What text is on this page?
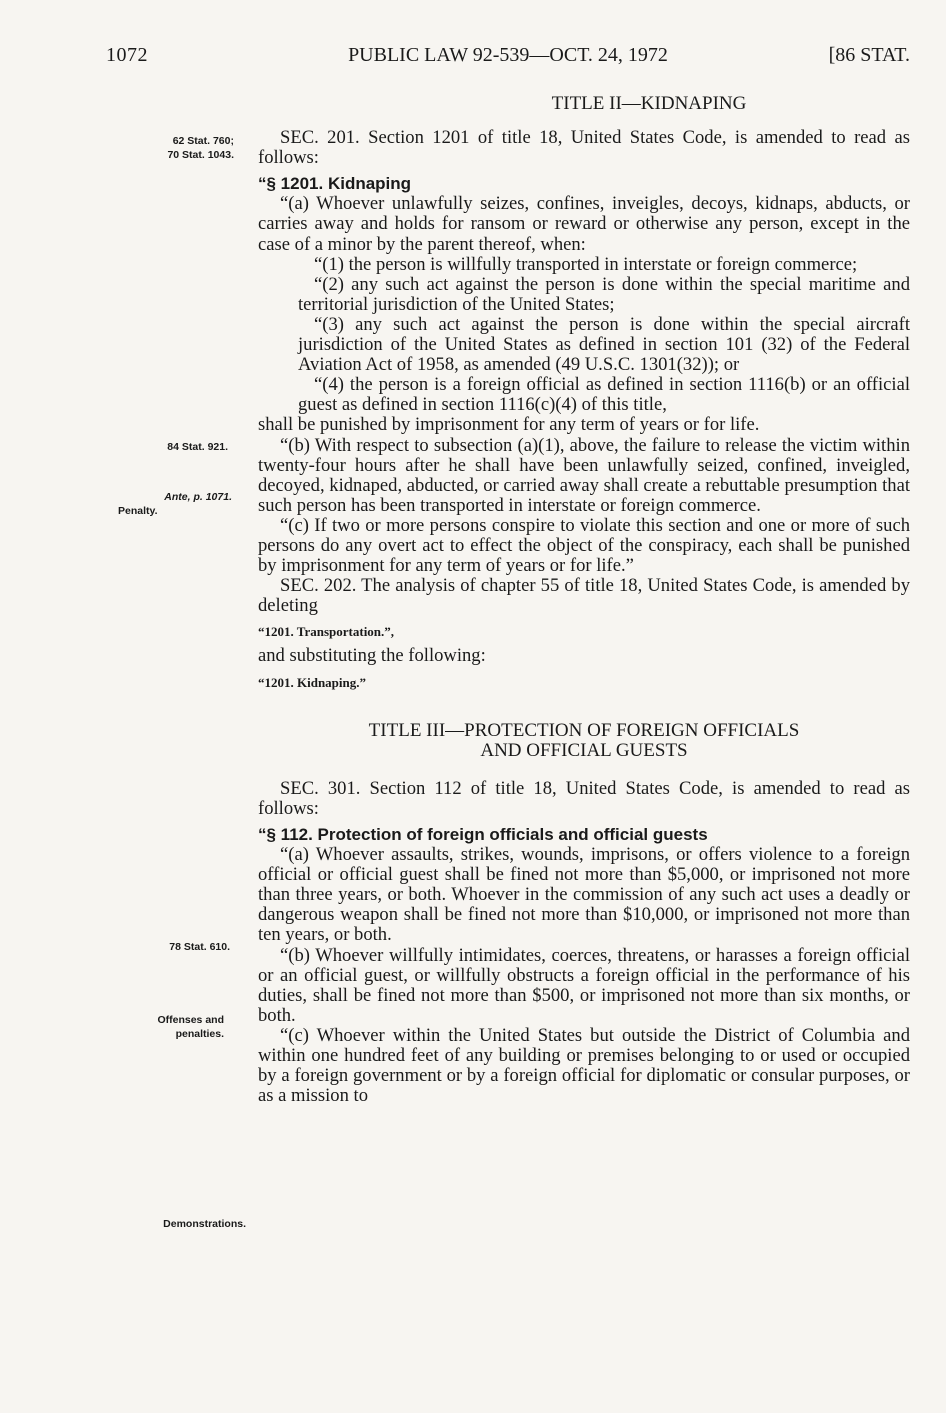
1072	PUBLIC LAW 92-539—OCT. 24, 1972	[86 STAT.
62 Stat. 760;
70 Stat. 1043.
84 Stat. 921.
Ante, p. 1071.
Penalty.
78 Stat. 610.
Offenses and penalties.
Demonstrations.

TITLE II—KIDNAPING

SEC. 201. Section 1201 of title 18, United States Code, is amended to read as follows:

“§ 1201. Kidnaping

“(a) Whoever unlawfully seizes, confines, inveigles, decoys, kidnaps, abducts, or carries away and holds for ransom or reward or otherwise any person, except in the case of a minor by the parent thereof, when:

“(1) the person is willfully transported in interstate or foreign commerce;

“(2) any such act against the person is done within the special maritime and territorial jurisdiction of the United States;

“(3) any such act against the person is done within the special aircraft jurisdiction of the United States as defined in section 101 (32) of the Federal Aviation Act of 1958, as amended (49 U.S.C. 1301(32)); or

“(4) the person is a foreign official as defined in section 1116(b) or an official guest as defined in section 1116(c)(4) of this title,

shall be punished by imprisonment for any term of years or for life.

“(b) With respect to subsection (a)(1), above, the failure to release the victim within twenty-four hours after he shall have been unlawfully seized, confined, inveigled, decoyed, kidnaped, abducted, or carried away shall create a rebuttable presumption that such person has been transported in interstate or foreign commerce.

“(c) If two or more persons conspire to violate this section and one or more of such persons do any overt act to effect the object of the conspiracy, each shall be punished by imprisonment for any term of years or for life.”

SEC. 202. The analysis of chapter 55 of title 18, United States Code, is amended by deleting

“1201. Transportation.”,

and substituting the following:

“1201. Kidnaping.”

TITLE III—PROTECTION OF FOREIGN OFFICIALS

AND OFFICIAL GUESTS

SEC. 301. Section 112 of title 18, United States Code, is amended to read as follows:

“§ 112. Protection of foreign officials and official guests

“(a) Whoever assaults, strikes, wounds, imprisons, or offers violence to a foreign official or official guest shall be fined not more than $5,000, or imprisoned not more than three years, or both. Whoever in the commission of any such act uses a deadly or dangerous weapon shall be fined not more than $10,000, or imprisoned not more than ten years, or both.

“(b) Whoever willfully intimidates, coerces, threatens, or harasses a foreign official or an official guest, or willfully obstructs a foreign official in the performance of his duties, shall be fined not more than $500, or imprisoned not more than six months, or both.

“(c) Whoever within the United States but outside the District of Columbia and within one hundred feet of any building or premises belonging to or used or occupied by a foreign government or by a foreign official for diplomatic or consular purposes, or as a mission to
